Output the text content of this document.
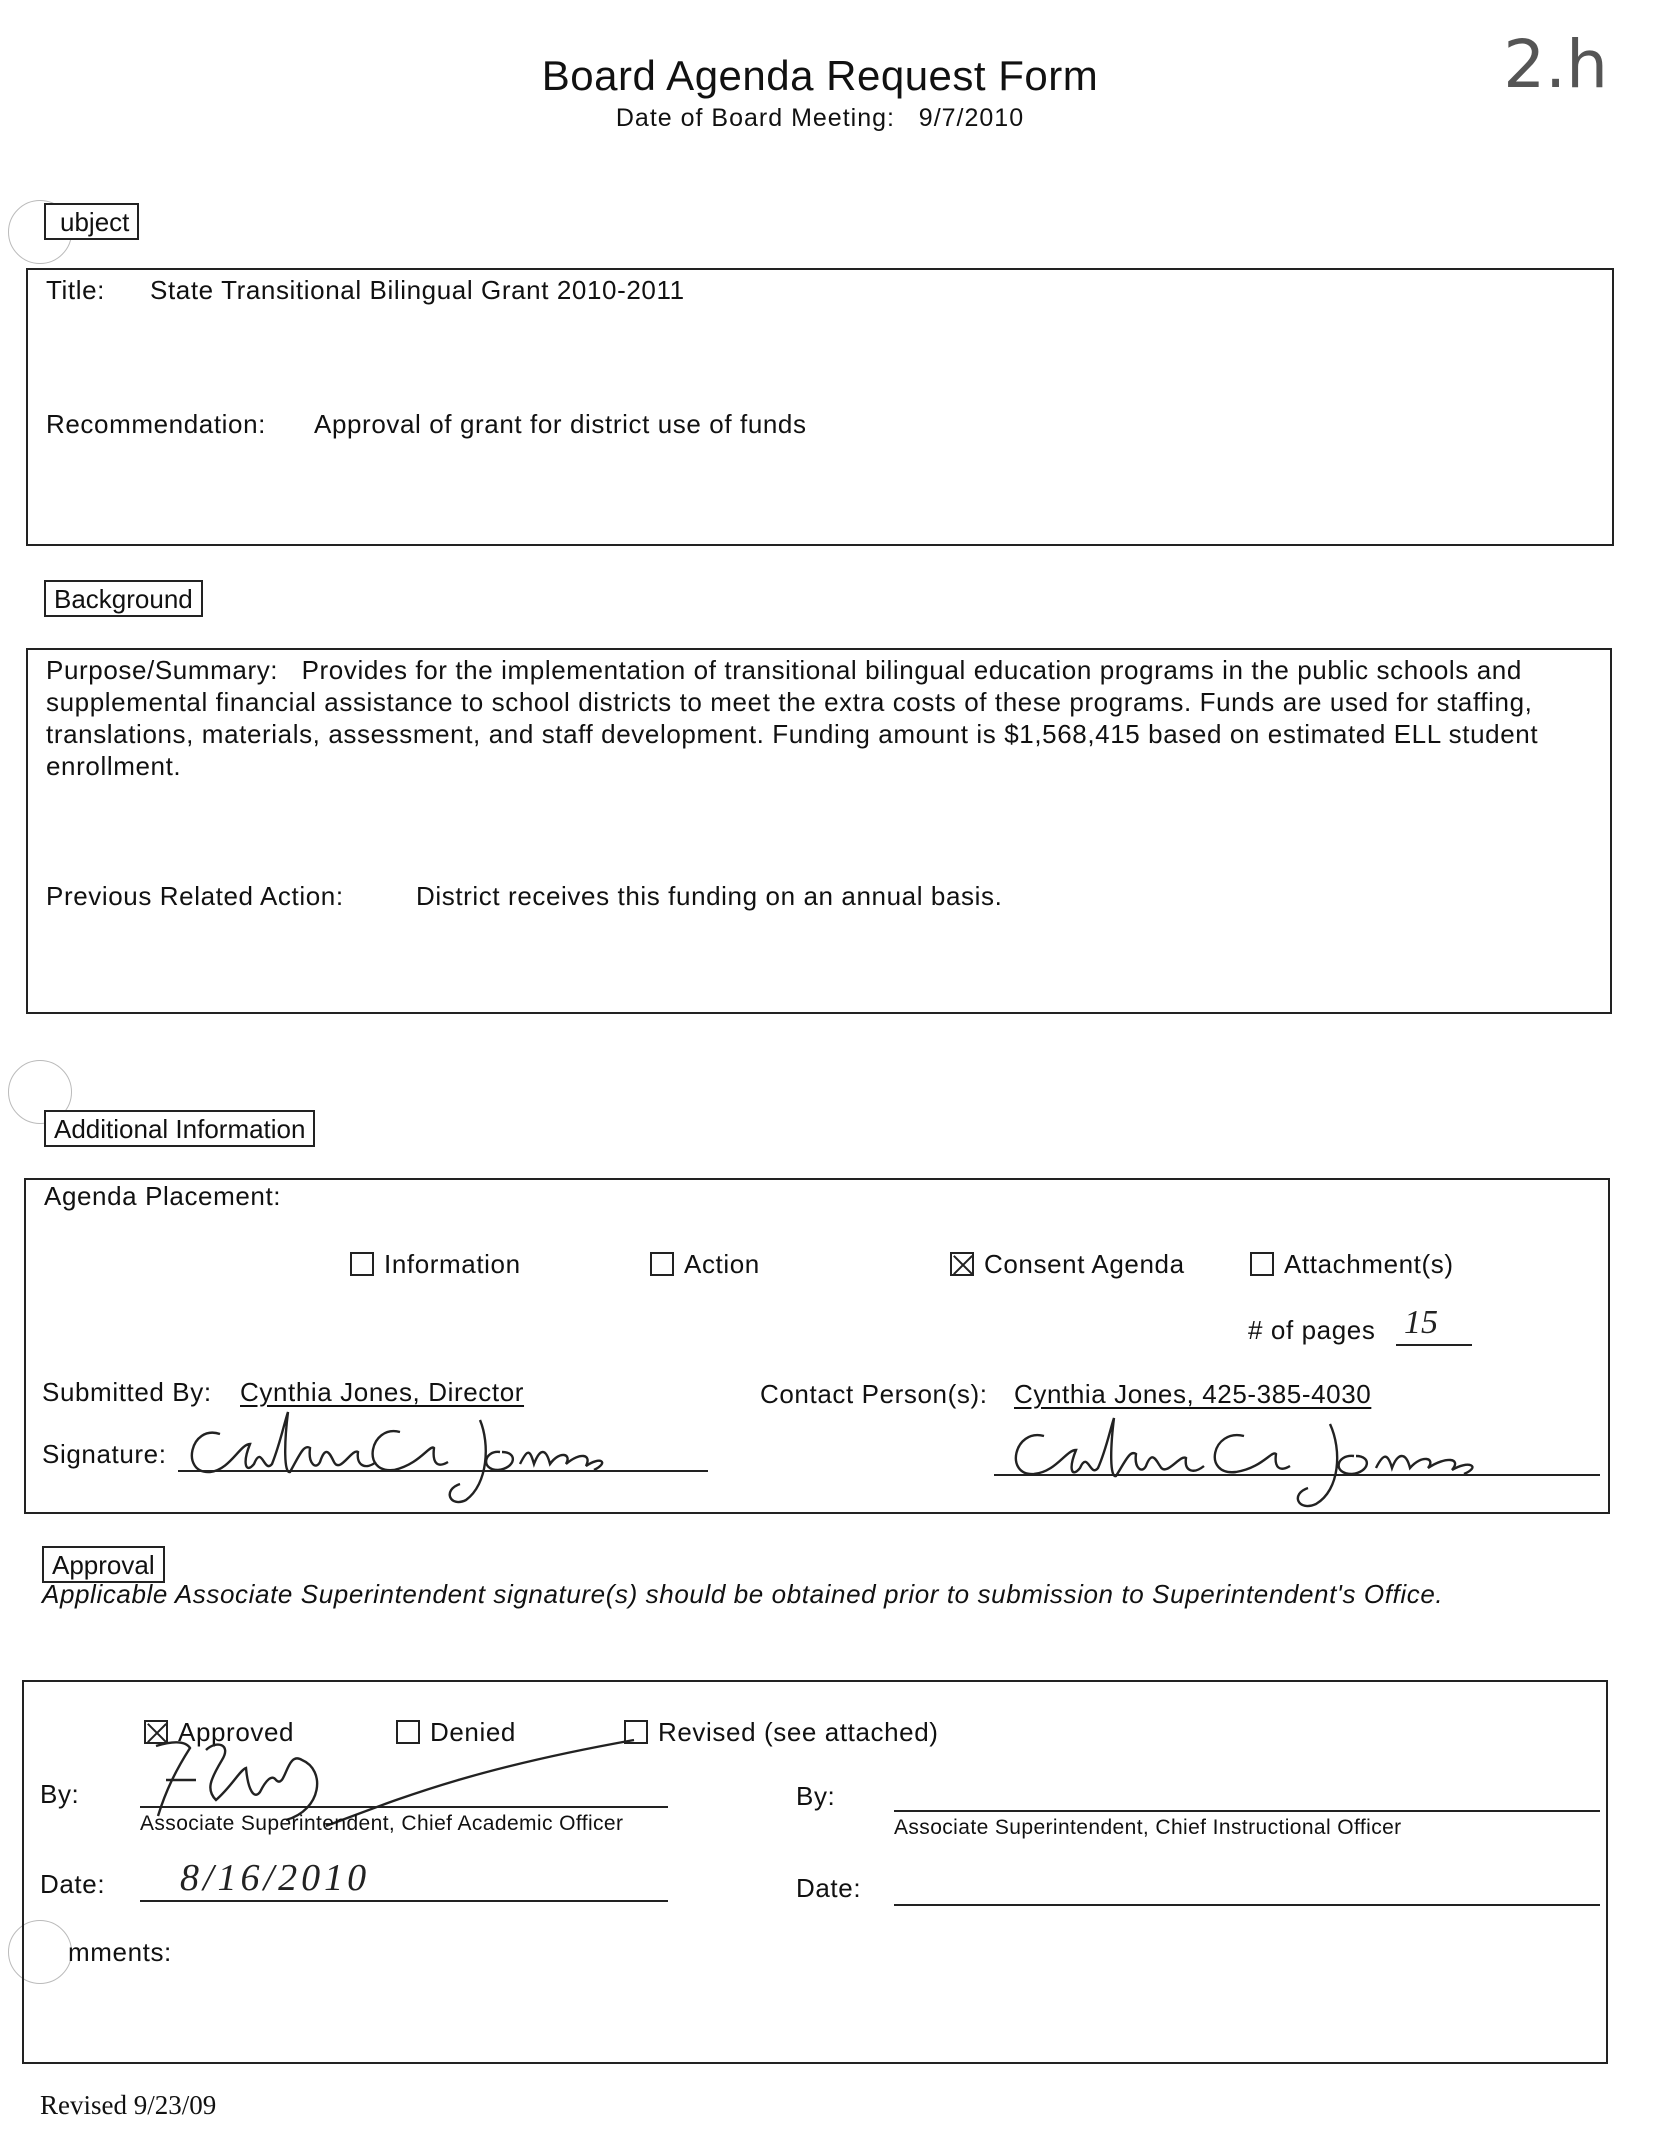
Board Agenda Request Form
Date of Board Meeting: 9/7/2010
2.h
ubject
Title: State Transitional Bilingual Grant 2010-2011
Recommendation: Approval of grant for district use of funds
Background
Purpose/Summary: Provides for the implementation of transitional bilingual education programs in the public schools and supplemental financial assistance to school districts to meet the extra costs of these programs. Funds are used for staffing, translations, materials, assessment, and staff development. Funding amount is $1,568,415 based on estimated ELL student enrollment.
Previous Related Action:	District receives this funding on an annual basis.
Additional Information
Agenda Placement:
Information	Action	Consent Agenda	Attachment(s)
# of pages 15
Submitted By: Cynthia Jones, Director	Contact Person(s): Cynthia Jones, 425-385-4030
Signature:
Approval
Applicable Associate Superintendent signature(s) should be obtained prior to submission to Superintendent's Office.
Approved	Denied	Revised (see attached)
By:
Associate Superintendent, Chief Academic Officer
By:
Associate Superintendent, Chief Instructional Officer
Date: 8/16/2010	Date:
mments:
Revised 9/23/09
